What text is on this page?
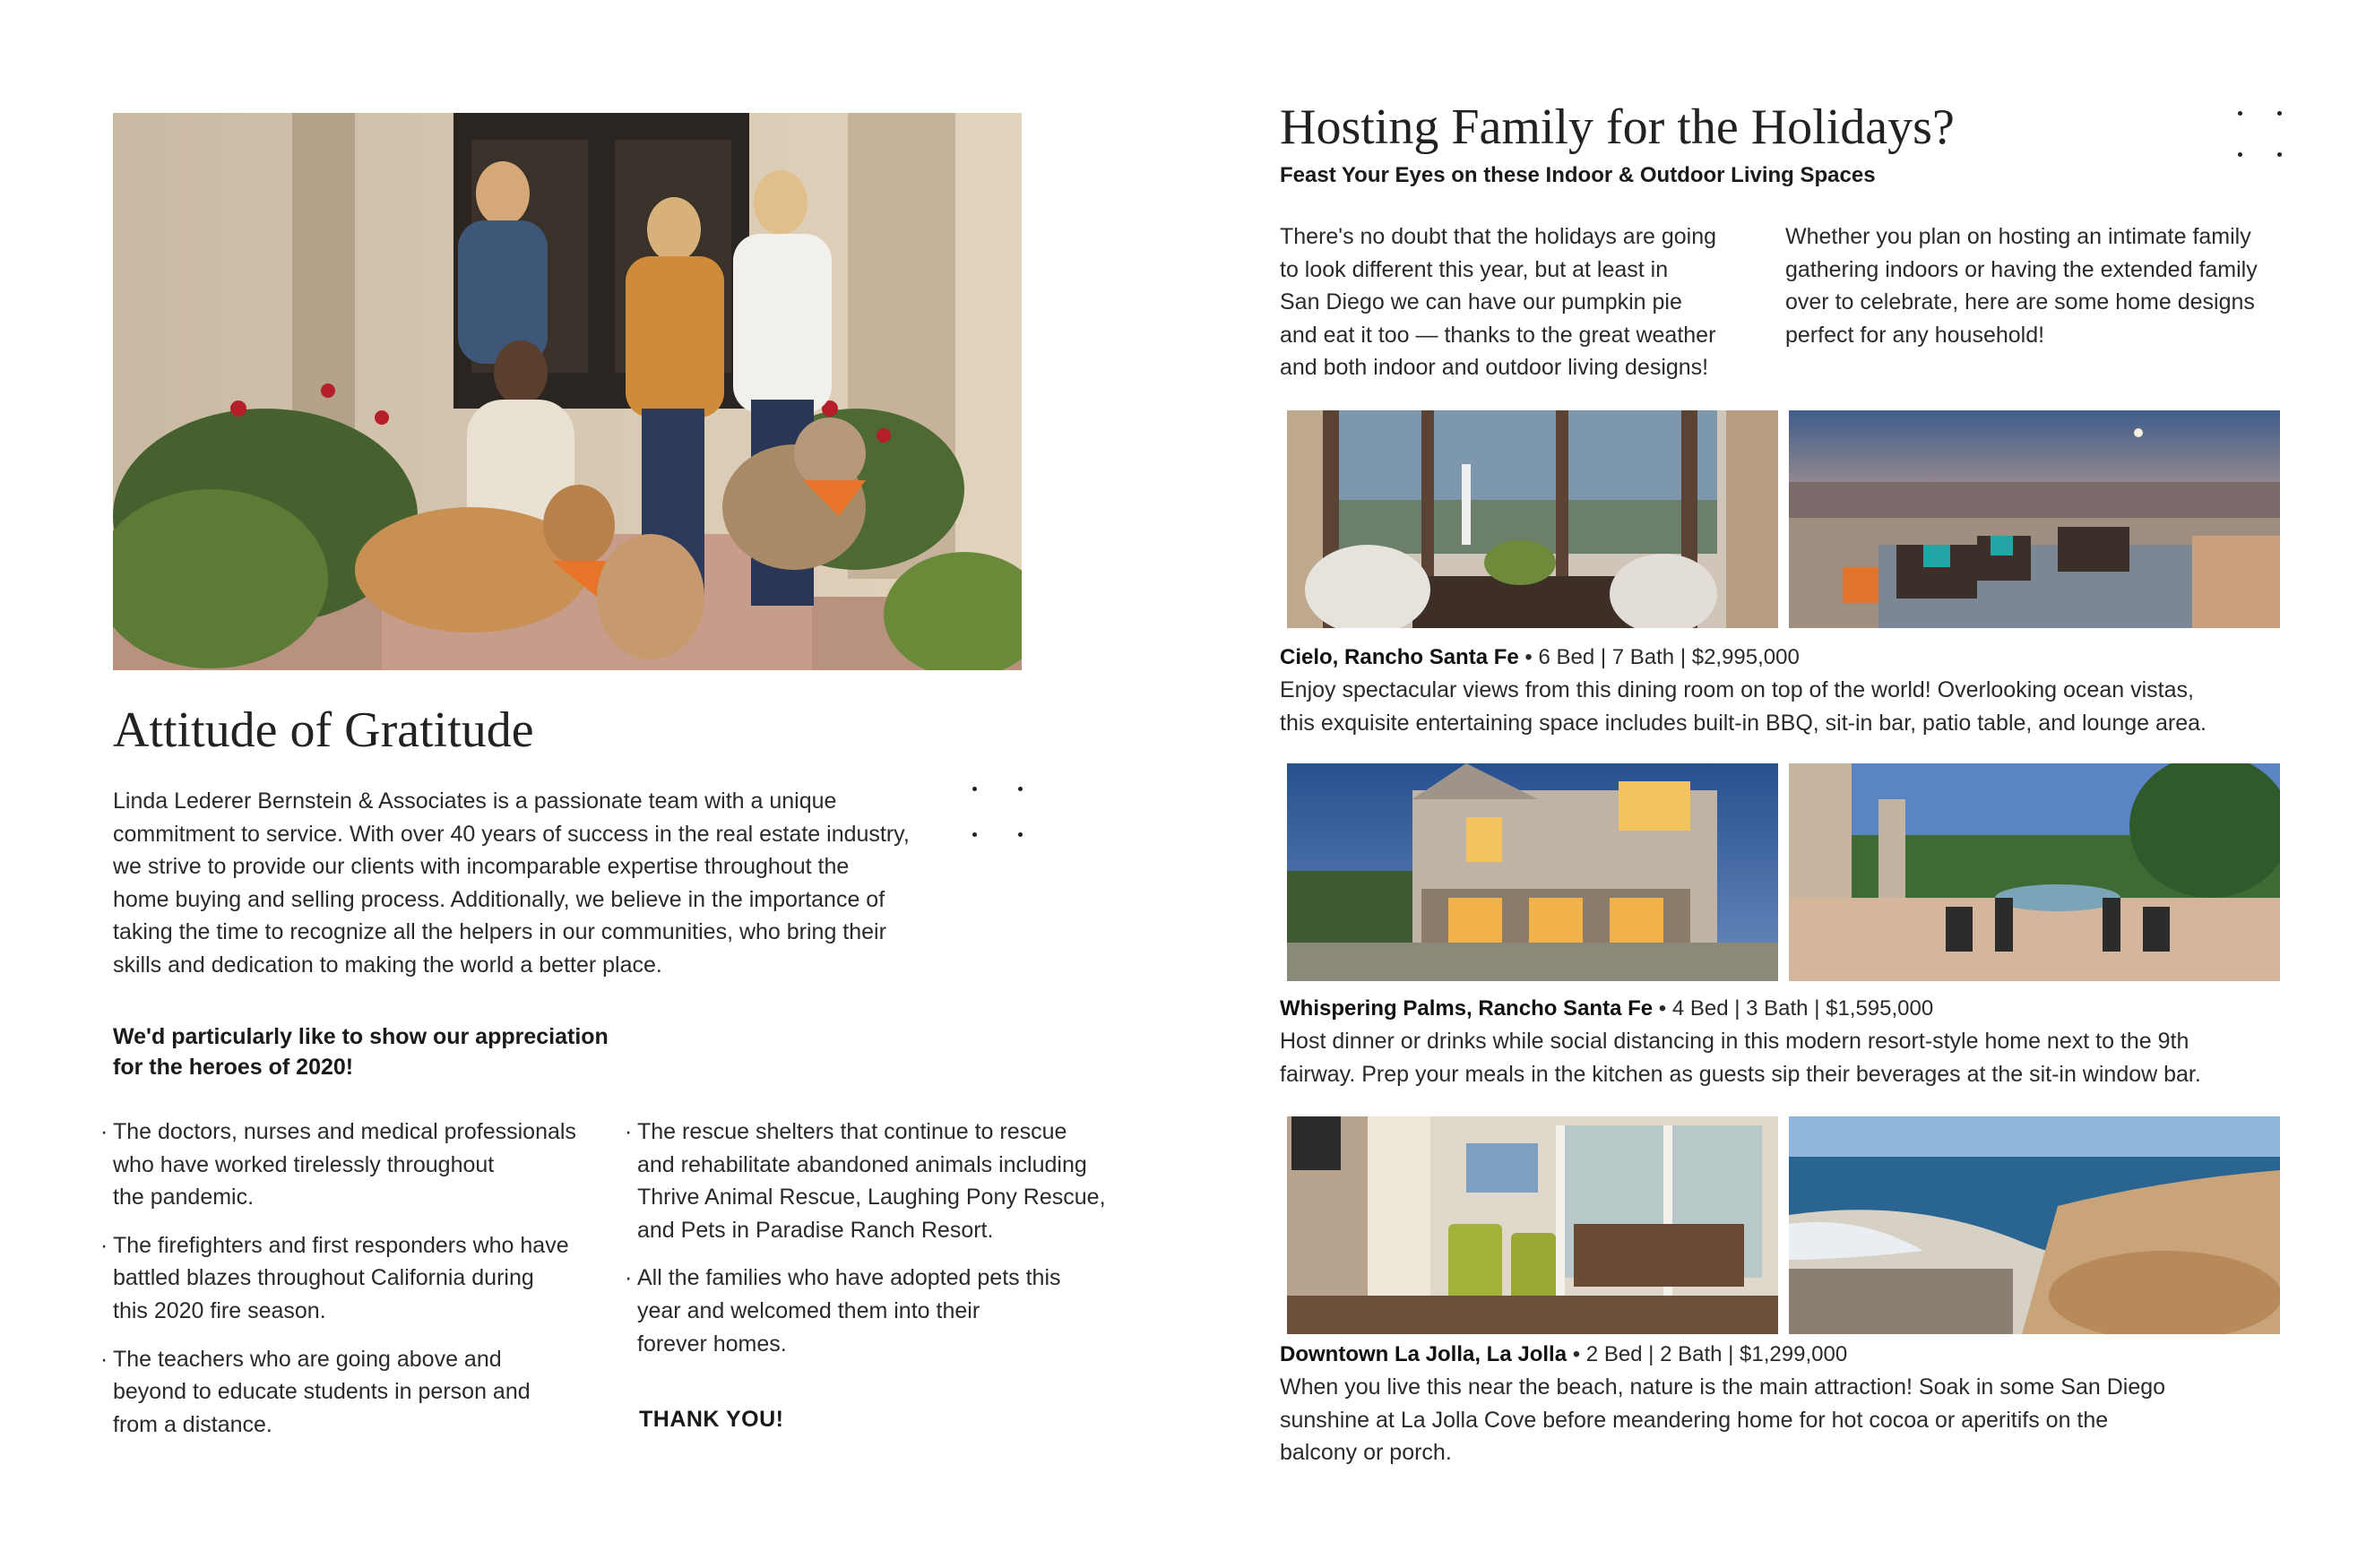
Attitude of Gratitude
Linda Lederer Bernstein & Associates is a passionate team with a unique
commitment to service. With over 40 years of success in the real estate industry,
we strive to provide our clients with incomparable expertise throughout the
home buying and selling process. Additionally, we believe in the importance of
taking the time to recognize all the helpers in our communities, who bring their
skills and dedication to making the world a better place.
We'd particularly like to show our appreciation
for the heroes of 2020!
· The doctors, nurses and medical professionals
who have worked tirelessly throughout
the pandemic.
· The firefighters and first responders who have
battled blazes throughout California during
this 2020 fire season.
· The teachers who are going above and
beyond to educate students in person and
from a distance.
· The rescue shelters that continue to rescue
and rehabilitate abandoned animals including
Thrive Animal Rescue, Laughing Pony Rescue,
and Pets in Paradise Ranch Resort.
· All the families who have adopted pets this
year and welcomed them into their
forever homes.
THANK YOU!
Hosting Family for the Holidays?
Feast Your Eyes on these Indoor & Outdoor Living Spaces
There's no doubt that the holidays are going
to look different this year, but at least in
San Diego we can have our pumpkin pie
and eat it too — thanks to the great weather
and both indoor and outdoor living designs!
Whether you plan on hosting an intimate family
gathering indoors or having the extended family
over to celebrate, here are some home designs
perfect for any household!
Cielo, Rancho Santa Fe • 6 Bed | 7 Bath | $2,995,000
Enjoy spectacular views from this dining room on top of the world! Overlooking ocean vistas,
this exquisite entertaining space includes built-in BBQ, sit-in bar, patio table, and lounge area.
Whispering Palms, Rancho Santa Fe • 4 Bed | 3 Bath | $1,595,000
Host dinner or drinks while social distancing in this modern resort-style home next to the 9th
fairway. Prep your meals in the kitchen as guests sip their beverages at the sit-in window bar.
Downtown La Jolla, La Jolla • 2 Bed | 2 Bath | $1,299,000
When you live this near the beach, nature is the main attraction! Soak in some San Diego
sunshine at La Jolla Cove before meandering home for hot cocoa or aperitifs on the
balcony or porch.
